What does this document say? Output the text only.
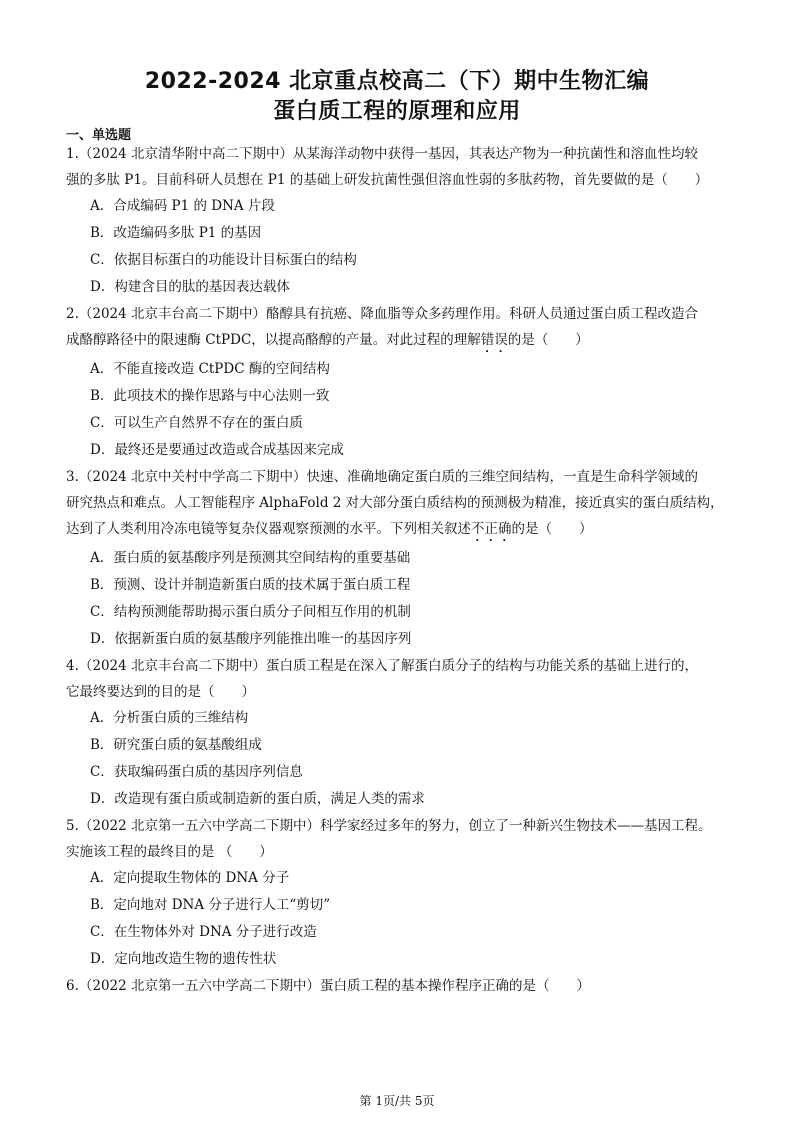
2022-2024 北京重点校高二（下）期中生物汇编
蛋白质工程的原理和应用
一、单选题

1.（2024 北京清华附中高二下期中）从某海洋动物中获得一基因，其表达产物为一种抗菌性和溶血性均较

强的多肽 P1。目前科研人员想在 P1 的基础上研发抗菌性强但溶血性弱的多肽药物，首先要做的是（　　）

A．合成编码 P1 的 DNA 片段

B．改造编码多肽 P1 的基因

C．依据目标蛋白的功能设计目标蛋白的结构

D．构建含目的肽的基因表达载体

2.（2024 北京丰台高二下期中）酪醇具有抗癌、降血脂等众多药理作用。科研人员通过蛋白质工程改造合

成酪醇路径中的限速酶 CtPDC，以提高酪醇的产量。对此过程的理解错误的是（　　）

A．不能直接改造 CtPDC 酶的空间结构

B．此项技术的操作思路与中心法则一致

C．可以生产自然界不存在的蛋白质

D．最终还是要通过改造或合成基因来完成

3.（2024 北京中关村中学高二下期中）快速、准确地确定蛋白质的三维空间结构，一直是生命科学领域的

研究热点和难点。人工智能程序 AlphaFold 2 对大部分蛋白质结构的预测极为精准，接近真实的蛋白质结构，

达到了人类利用冷冻电镜等复杂仪器观察预测的水平。下列相关叙述不正确的是（　　）

A．蛋白质的氨基酸序列是预测其空间结构的重要基础

B．预测、设计并制造新蛋白质的技术属于蛋白质工程

C．结构预测能帮助揭示蛋白质分子间相互作用的机制

D．依据新蛋白质的氨基酸序列能推出唯一的基因序列

4.（2024 北京丰台高二下期中）蛋白质工程是在深入了解蛋白质分子的结构与功能关系的基础上进行的，

它最终要达到的目的是（　　）

A．分析蛋白质的三维结构

B．研究蛋白质的氨基酸组成

C．获取编码蛋白质的基因序列信息

D．改造现有蛋白质或制造新的蛋白质，满足人类的需求

5.（2022 北京第一五六中学高二下期中）科学家经过多年的努力，创立了一种新兴生物技术——基因工程。

实施该工程的最终目的是 （　　）

A．定向提取生物体的 DNA 分子

B．定向地对 DNA 分子进行人工“剪切”

C．在生物体外对 DNA 分子进行改造

D．定向地改造生物的遗传性状

6.（2022 北京第一五六中学高二下期中）蛋白质工程的基本操作程序正确的是（　　）

第 1页/共 5页
